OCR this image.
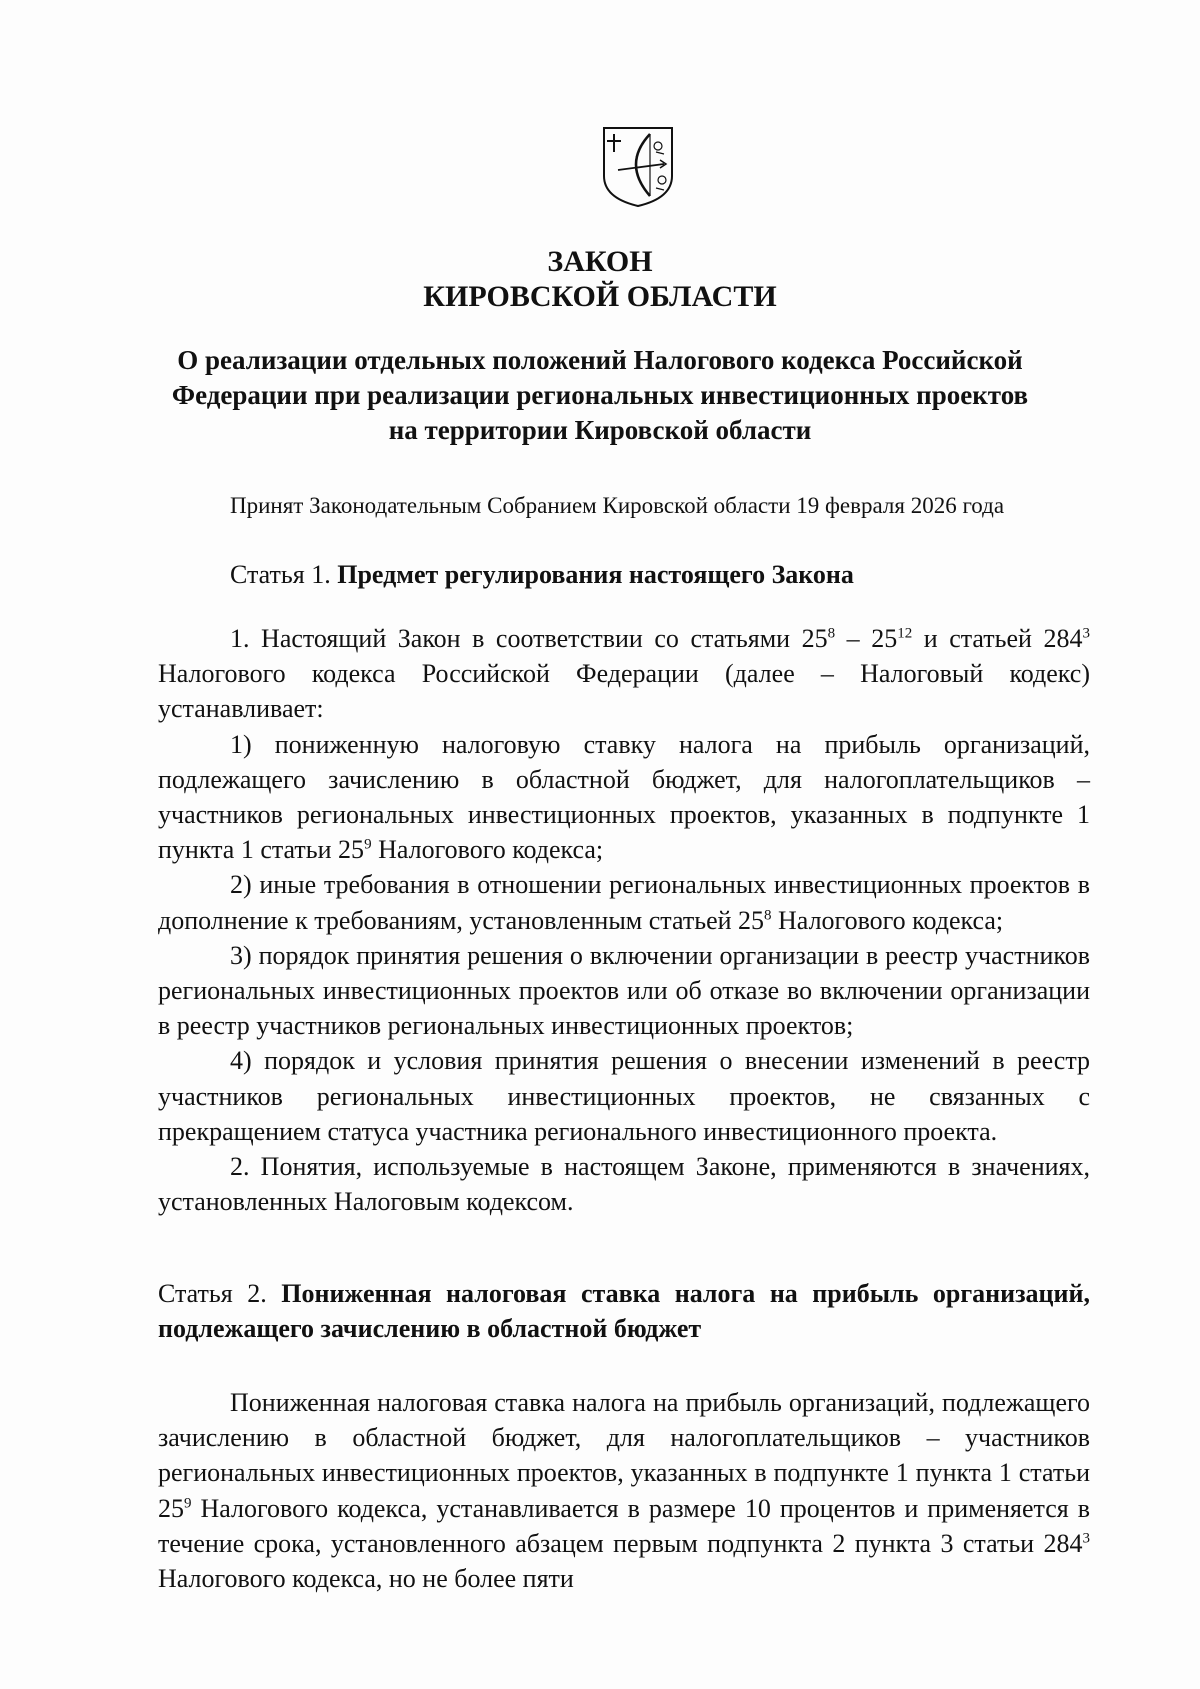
ЗАКОН
КИРОВСКОЙ ОБЛАСТИ
О реализации отдельных положений Налогового кодекса Российской
Федерации при реализации региональных инвестиционных проектов
на территории Кировской области
Принят Законодательным Собранием Кировской области 19 февраля 2026 года
Статья 1. Предмет регулирования настоящего Закона

1. Настоящий Закон в соответствии со статьями $25^8 - 25^{12}$ и статьей $284^3$ Налогового кодекса Российской Федерации (далее – Налоговый кодекс) устанавливает:

1) пониженную налоговую ставку налога на прибыль организаций, подлежащего зачислению в областной бюджет, для налогоплательщиков – участников региональных инвестиционных проектов, указанных в подпункте 1 пункта 1 статьи $25^9$ Налогового кодекса;

2) иные требования в отношении региональных инвестиционных проектов в дополнение к требованиям, установленным статьей $25^8$ Налогового кодекса;

3) порядок принятия решения о включении организации в реестр участников региональных инвестиционных проектов или об отказе во включении организации в реестр участников региональных инвестиционных проектов;

4) порядок и условия принятия решения о внесении изменений в реестр участников региональных инвестиционных проектов, не связанных с прекращением статуса участника регионального инвестиционного проекта.

2. Понятия, используемые в настоящем Законе, применяются в значениях, установленных Налоговым кодексом.

Статья 2. Пониженная налоговая ставка налога на прибыль организаций, подлежащего зачислению в областной бюджет

Пониженная налоговая ставка налога на прибыль организаций, подлежащего зачислению в областной бюджет, для налогоплательщиков – участников региональных инвестиционных проектов, указанных в подпункте 1 пункта 1 статьи $25^9$ Налогового кодекса, устанавливается в размере 10 процентов и применяется в течение срока, установленного абзацем первым подпункта 2 пункта 3 статьи $284^3$ Налогового кодекса, но не более пяти
